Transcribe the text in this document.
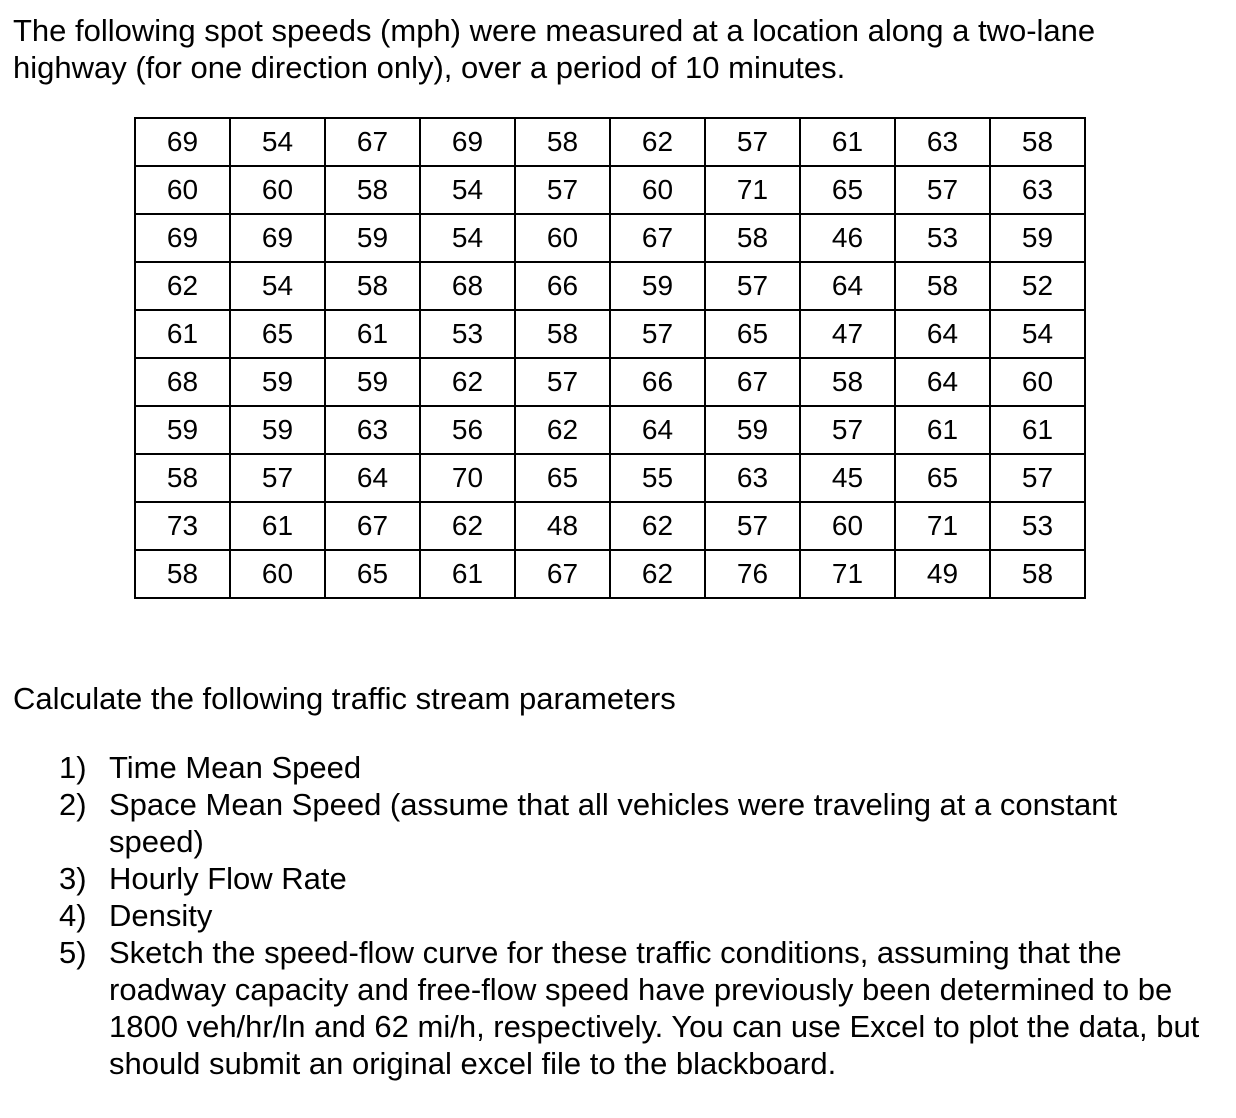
The following spot speeds (mph) were measured at a location along a two-lane
highway (for one direction only), over a period of 10 minutes.

69	54	67	69	58	62	57	61	63	58
60	60	58	54	57	60	71	65	57	63
69	69	59	54	60	67	58	46	53	59
62	54	58	68	66	59	57	64	58	52
61	65	61	53	58	57	65	47	64	54
68	59	59	62	57	66	67	58	64	60
59	59	63	56	62	64	59	57	61	61
58	57	64	70	65	55	63	45	65	57
73	61	67	62	48	62	57	60	71	53
58	60	65	61	67	62	76	71	49	58

Calculate the following traffic stream parameters

1) Time Mean Speed
2) Space Mean Speed (assume that all vehicles were traveling at a constant speed)
3) Hourly Flow Rate
4) Density
5) Sketch the speed-flow curve for these traffic conditions, assuming that the roadway capacity and free-flow speed have previously been determined to be 1800 veh/hr/ln and 62 mi/h, respectively. You can use Excel to plot the data, but should submit an original excel file to the blackboard.
